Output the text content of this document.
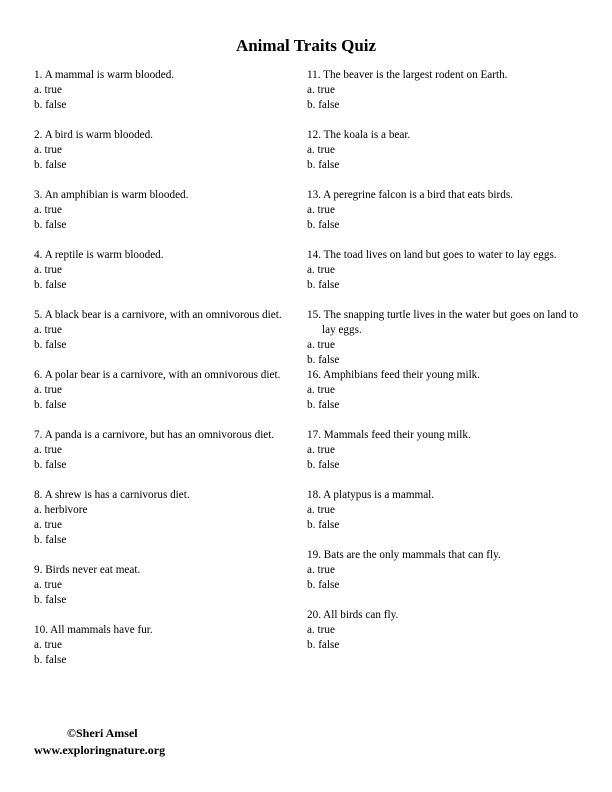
Animal Traits Quiz
1. A mammal is warm blooded.
a. true
b. false
2. A bird is warm blooded.
a. true
b. false
3. An amphibian is warm blooded.
a. true
b. false
4. A reptile is warm blooded.
a. true
b. false
5. A black bear is a carnivore, with an omnivorous diet.
a. true
b. false
6. A polar bear is a carnivore, with an omnivorous diet.
a. true
b. false
7. A panda is a carnivore, but has an omnivorous diet.
a. true
b. false
8. A shrew is has a carnivorus diet.
a. herbivore
a. true
b. false
9. Birds never eat meat.
a. true
b. false
10. All mammals have fur.
a. true
b. false
11. The beaver is the largest rodent on Earth.
a. true
b. false
12. The koala is a bear.
a. true
b. false
13. A peregrine falcon is a bird that eats birds.
a. true
b. false
14. The toad lives on land but goes to water to lay eggs.
a. true
b. false
15. The snapping turtle lives in the water but goes on land to lay eggs.
a. true
b. false
16. Amphibians feed their young milk.
a. true
b. false
17. Mammals feed their young milk.
a. true
b. false
18. A platypus is a mammal.
a. true
b. false
19. Bats are the only mammals that can fly.
a. true
b. false
20. All birds can fly.
a. true
b. false
©Sheri Amsel
www.exploringnature.org
